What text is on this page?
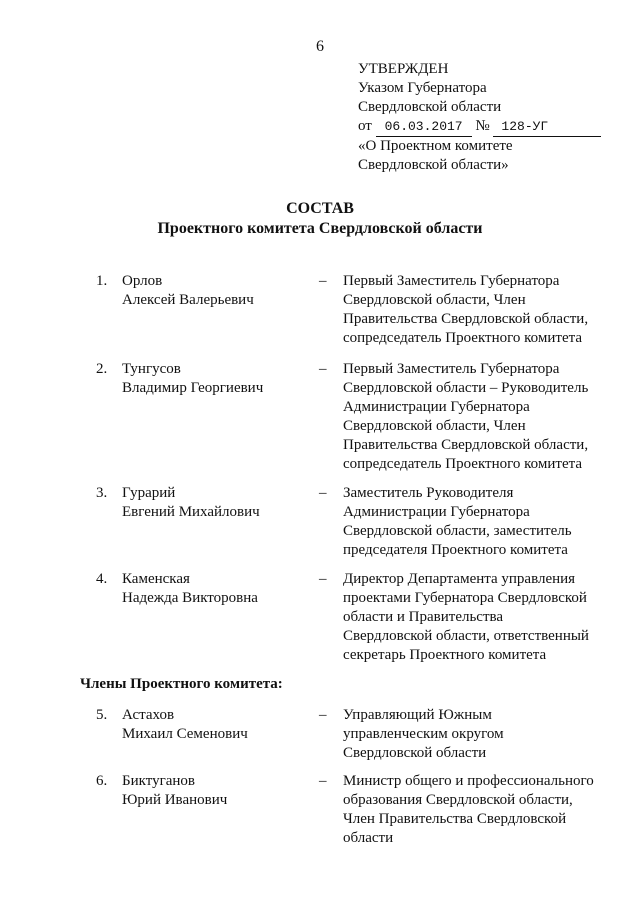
6
УТВЕРЖДЕН
Указом Губернатора
Свердловской области
от 06.03.2017 № 128-УГ
«О Проектном комитете
Свердловской области»
СОСТАВ
Проектного комитета Свердловской области
1. Орлов
Алексей Валерьевич
– Первый Заместитель Губернатора
Свердловской области, Член
Правительства Свердловской области,
сопредседатель Проектного комитета
2. Тунгусов
Владимир Георгиевич
– Первый Заместитель Губернатора
Свердловской области – Руководитель
Администрации Губернатора
Свердловской области, Член
Правительства Свердловской области,
сопредседатель Проектного комитета
3. Гурарий
Евгений Михайлович
– Заместитель Руководителя
Администрации Губернатора
Свердловской области, заместитель
председателя Проектного комитета
4. Каменская
Надежда Викторовна
– Директор Департамента управления
проектами Губернатора Свердловской
области и Правительства
Свердловской области, ответственный
секретарь Проектного комитета
Члены Проектного комитета:
5. Астахов
Михаил Семенович
– Управляющий Южным
управленческим округом
Свердловской области
6. Биктуганов
Юрий Иванович
– Министр общего и профессионального
образования Свердловской области,
Член Правительства Свердловской
области
